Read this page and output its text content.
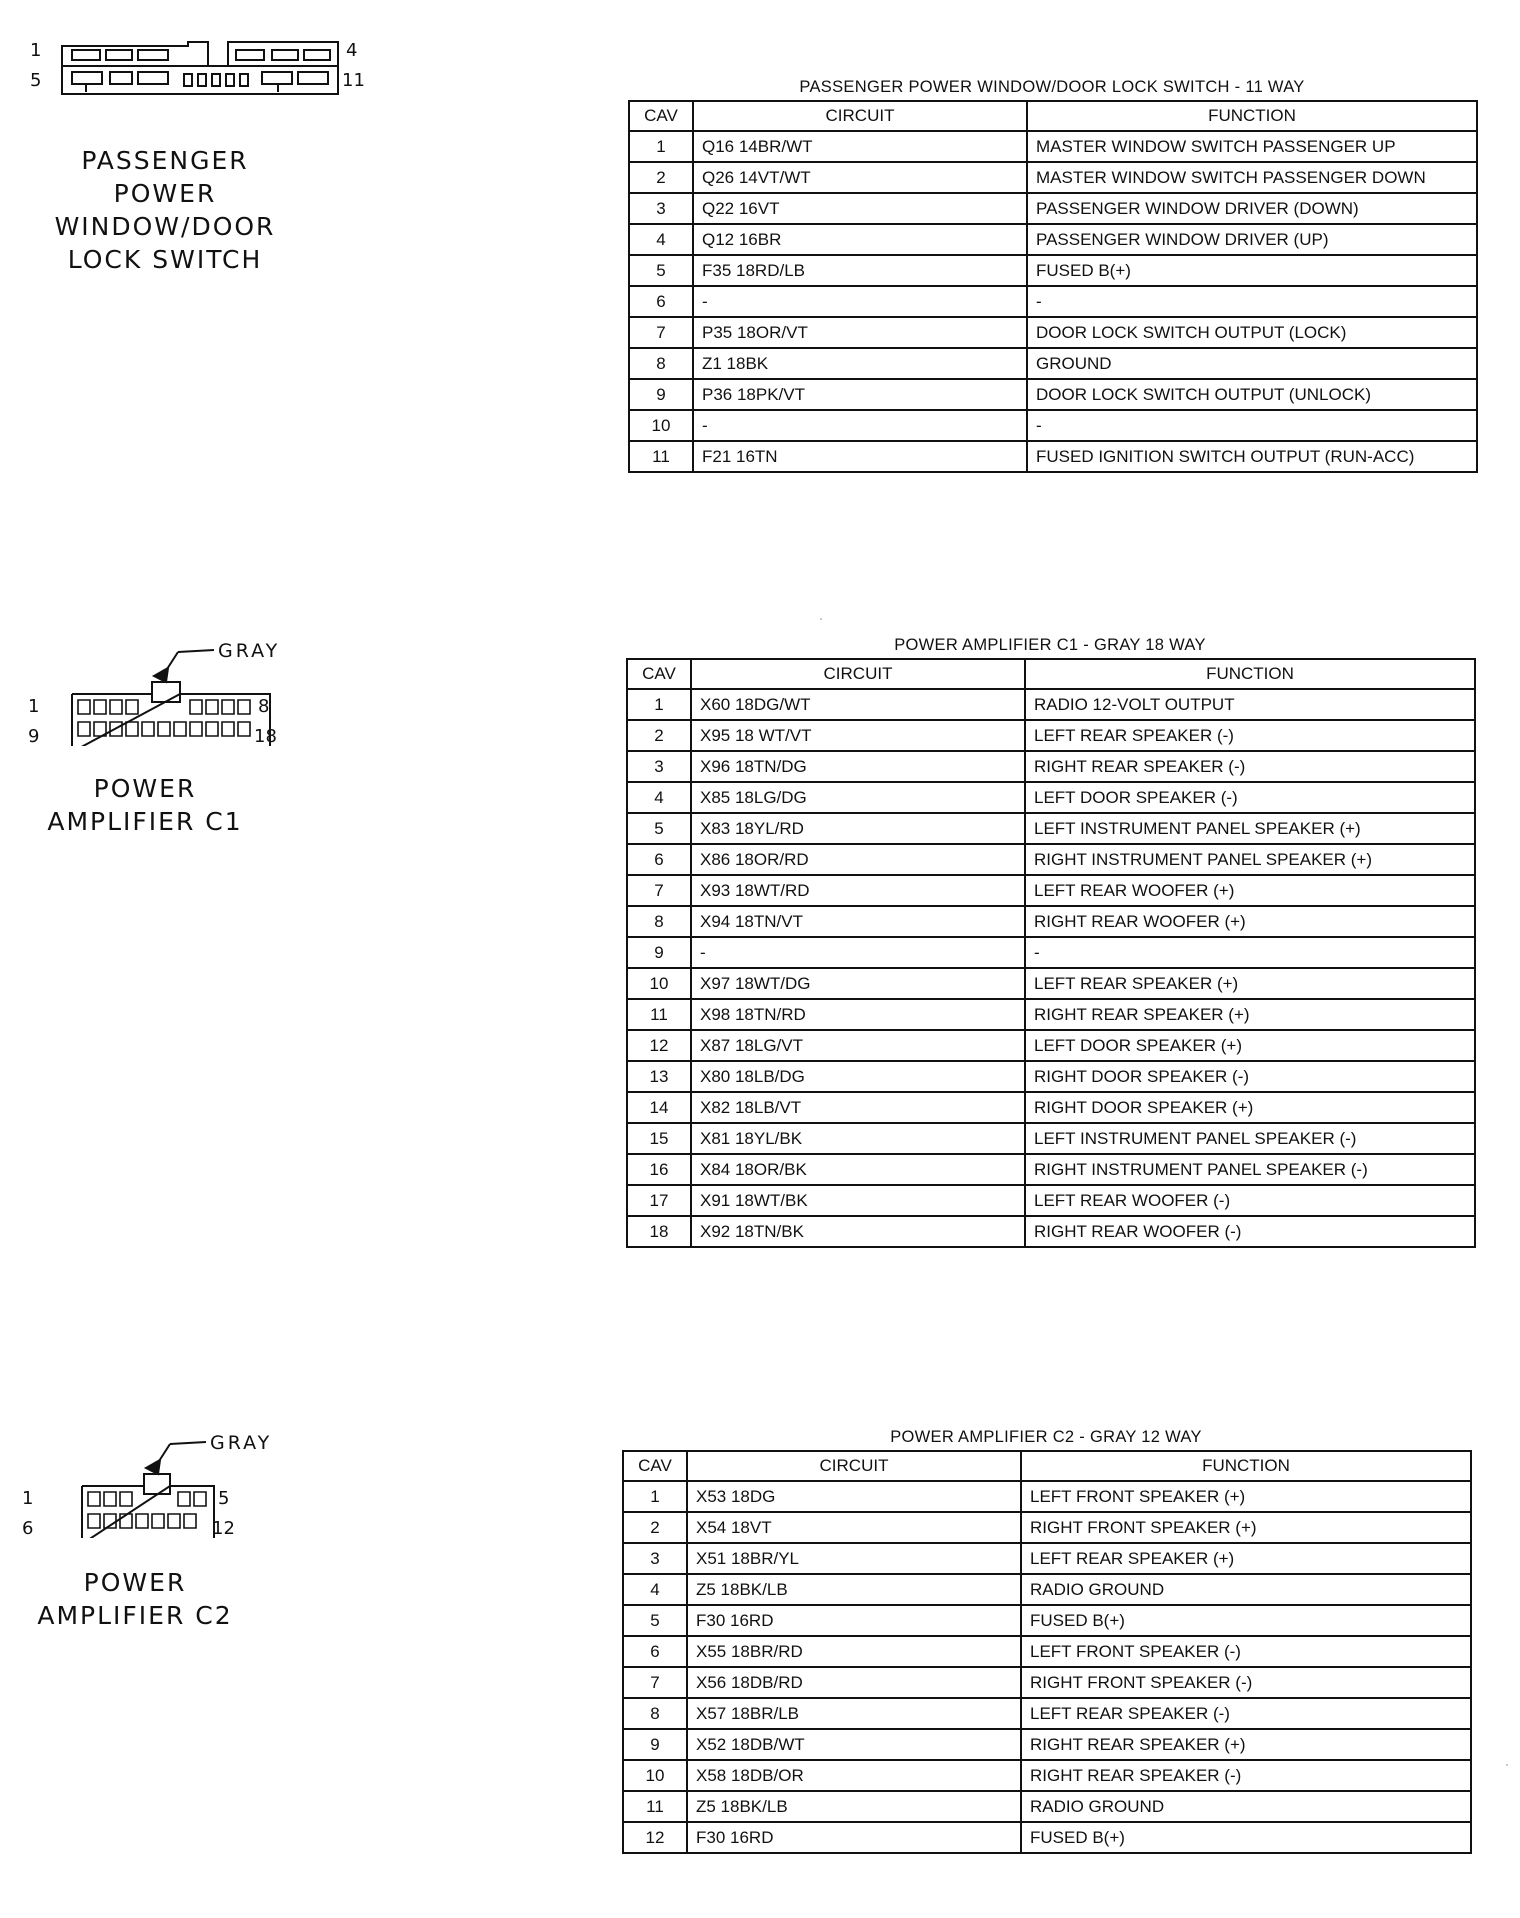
1
5
4
11
PASSENGER POWER
WINDOW/DOOR
LOCK SWITCH
PASSENGER POWER WINDOW/DOOR LOCK SWITCH - 11 WAY
CAV	CIRCUIT	FUNCTION
1	Q16 14BR/WT	MASTER WINDOW SWITCH PASSENGER UP
2	Q26 14VT/WT	MASTER WINDOW SWITCH PASSENGER DOWN
3	Q22 16VT	PASSENGER WINDOW DRIVER (DOWN)
4	Q12 16BR	PASSENGER WINDOW DRIVER (UP)
5	F35 18RD/LB	FUSED B(+)
6	-	-
7	P35 18OR/VT	DOOR LOCK SWITCH OUTPUT (LOCK)
8	Z1 18BK	GROUND
9	P36 18PK/VT	DOOR LOCK SWITCH OUTPUT (UNLOCK)
10	-	-
11	F21 16TN	FUSED IGNITION SWITCH OUTPUT (RUN-ACC)
GRAY
1
9
8
18
POWER
AMPLIFIER C1
POWER AMPLIFIER C1 - GRAY 18 WAY
CAV	CIRCUIT	FUNCTION
1	X60 18DG/WT	RADIO 12-VOLT OUTPUT
2	X95 18 WT/VT	LEFT REAR SPEAKER (-)
3	X96 18TN/DG	RIGHT REAR SPEAKER (-)
4	X85 18LG/DG	LEFT DOOR SPEAKER (-)
5	X83 18YL/RD	LEFT INSTRUMENT PANEL SPEAKER (+)
6	X86 18OR/RD	RIGHT INSTRUMENT PANEL SPEAKER (+)
7	X93 18WT/RD	LEFT REAR WOOFER (+)
8	X94 18TN/VT	RIGHT REAR WOOFER (+)
9	-	-
10	X97 18WT/DG	LEFT REAR SPEAKER (+)
11	X98 18TN/RD	RIGHT REAR SPEAKER (+)
12	X87 18LG/VT	LEFT DOOR SPEAKER (+)
13	X80 18LB/DG	RIGHT DOOR SPEAKER (-)
14	X82 18LB/VT	RIGHT DOOR SPEAKER (+)
15	X81 18YL/BK	LEFT INSTRUMENT PANEL SPEAKER (-)
16	X84 18OR/BK	RIGHT INSTRUMENT PANEL SPEAKER (-)
17	X91 18WT/BK	LEFT REAR WOOFER (-)
18	X92 18TN/BK	RIGHT REAR WOOFER (-)
GRAY
1
6
5
12
POWER
AMPLIFIER C2
POWER AMPLIFIER C2 - GRAY 12 WAY
CAV	CIRCUIT	FUNCTION
1	X53 18DG	LEFT FRONT SPEAKER (+)
2	X54 18VT	RIGHT FRONT SPEAKER (+)
3	X51 18BR/YL	LEFT REAR SPEAKER (+)
4	Z5 18BK/LB	RADIO GROUND
5	F30 16RD	FUSED B(+)
6	X55 18BR/RD	LEFT FRONT SPEAKER (-)
7	X56 18DB/RD	RIGHT FRONT SPEAKER (-)
8	X57 18BR/LB	LEFT REAR SPEAKER (-)
9	X52 18DB/WT	RIGHT REAR SPEAKER (+)
10	X58 18DB/OR	RIGHT REAR SPEAKER (-)
11	Z5 18BK/LB	RADIO GROUND
12	F30 16RD	FUSED B(+)
